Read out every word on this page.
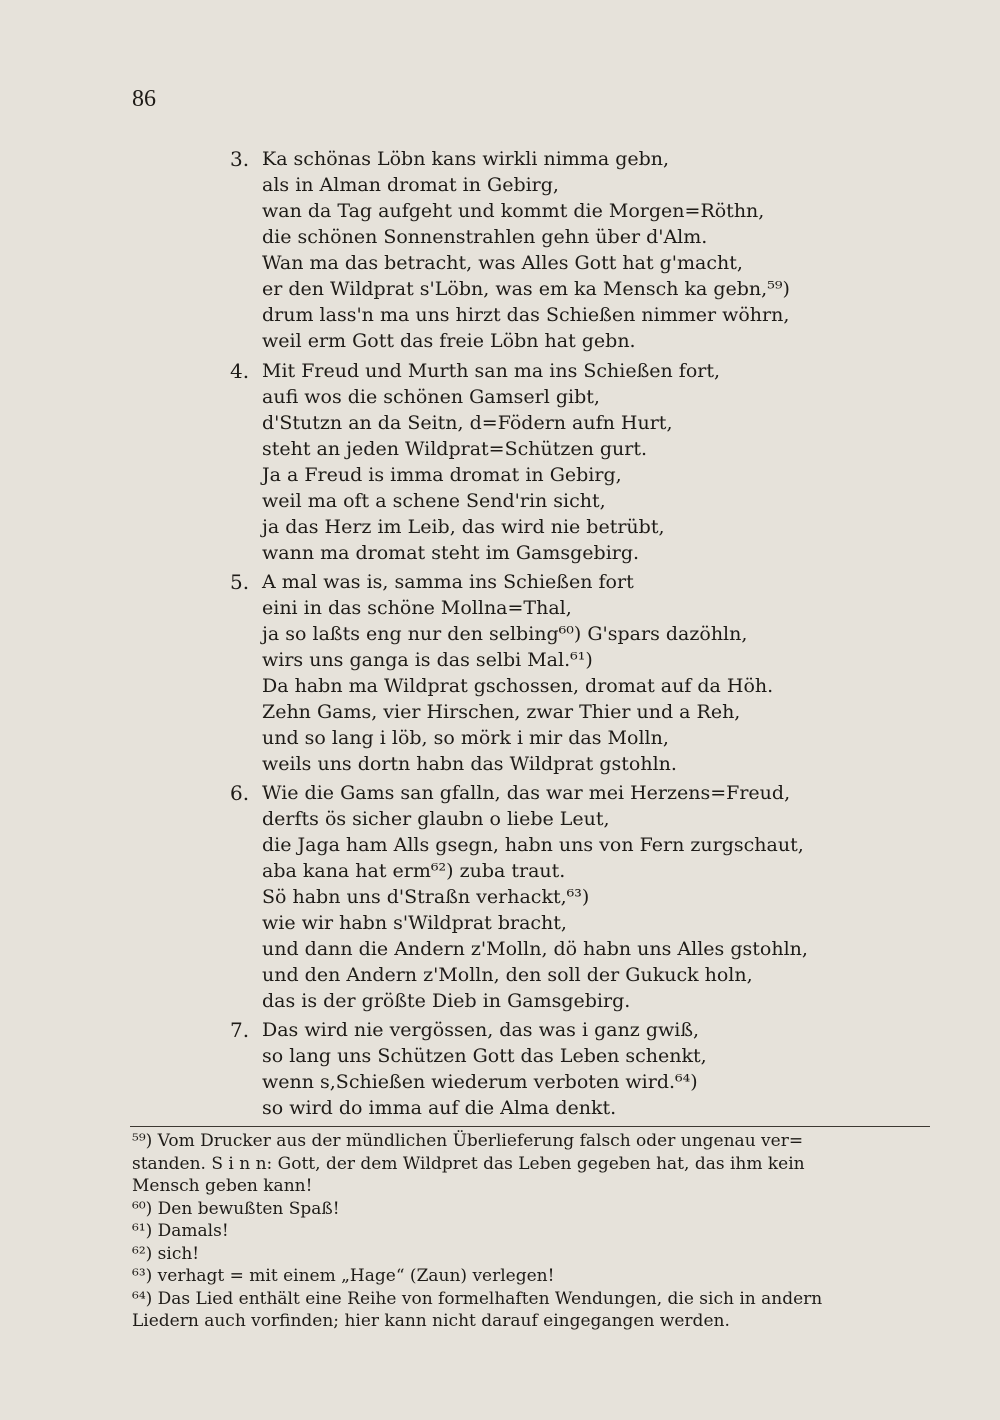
86
3. Ka schönas Löbn kans wirkli nimma gebn,
als in Alman dromat in Gebirg,
wan da Tag aufgeht und kommt die Morgen=Röthn,
die schönen Sonnenstrahlen gehn über d'Alm.
Wan ma das betracht, was Alles Gott hat g'macht,
er den Wildprat s'Löbn, was em ka Mensch ka gebn,⁵⁹)
drum lass'n ma uns hirzt das Schießen nimmer wöhrn,
weil erm Gott das freie Löbn hat gebn.
4. Mit Freud und Murth san ma ins Schießen fort,
aufi wos die schönen Gamserl gibt,
d'Stutzn an da Seitn, d=Födern aufn Hurt,
steht an jeden Wildprat=Schützen gurt.
Ja a Freud is imma dromat in Gebirg,
weil ma oft a schene Send'rin sicht,
ja das Herz im Leib, das wird nie betrübt,
wann ma dromat steht im Gamsgebirg.
5. A mal was is, samma ins Schießen fort
eini in das schöne Mollna=Thal,
ja so laßts eng nur den selbing⁶⁰) G'spars dazöhln,
wirs uns ganga is das selbi Mal.⁶¹)
Da habn ma Wildprat gschossen, dromat auf da Höh.
Zehn Gams, vier Hirschen, zwar Thier und a Reh,
und so lang i löb, so mörk i mir das Molln,
weils uns dortn habn das Wildprat gstohln.
6. Wie die Gams san gfalln, das war mei Herzens=Freud,
derfts ös sicher glaubn o liebe Leut,
die Jaga ham Alls gsegn, habn uns von Fern zurgschaut,
aba kana hat erm⁶²) zuba traut.
Sö habn uns d'Straßn verhackt,⁶³)
wie wir habn s'Wildprat bracht,
und dann die Andern z'Molln, dö habn uns Alles gstohln,
und den Andern z'Molln, den soll der Gukuck holn,
das is der größte Dieb in Gamsgebirg.
7. Das wird nie vergössen, das was i ganz gwiß,
so lang uns Schützen Gott das Leben schenkt,
wenn s,Schießen wiederum verboten wird.⁶⁴)
so wird do imma auf die Alma denkt.
⁵⁹) Vom Drucker aus der mündlichen Überlieferung falsch oder ungenau ver=
standen. S i n n: Gott, der dem Wildpret das Leben gegeben hat, das ihm kein
Mensch geben kann!
⁶⁰) Den bewußten Spaß!
⁶¹) Damals!
⁶²) sich!
⁶³) verhagt = mit einem „Hage“ (Zaun) verlegen!
⁶⁴) Das Lied enthält eine Reihe von formelhaften Wendungen, die sich in andern
Liedern auch vorfinden; hier kann nicht darauf eingegangen werden.
